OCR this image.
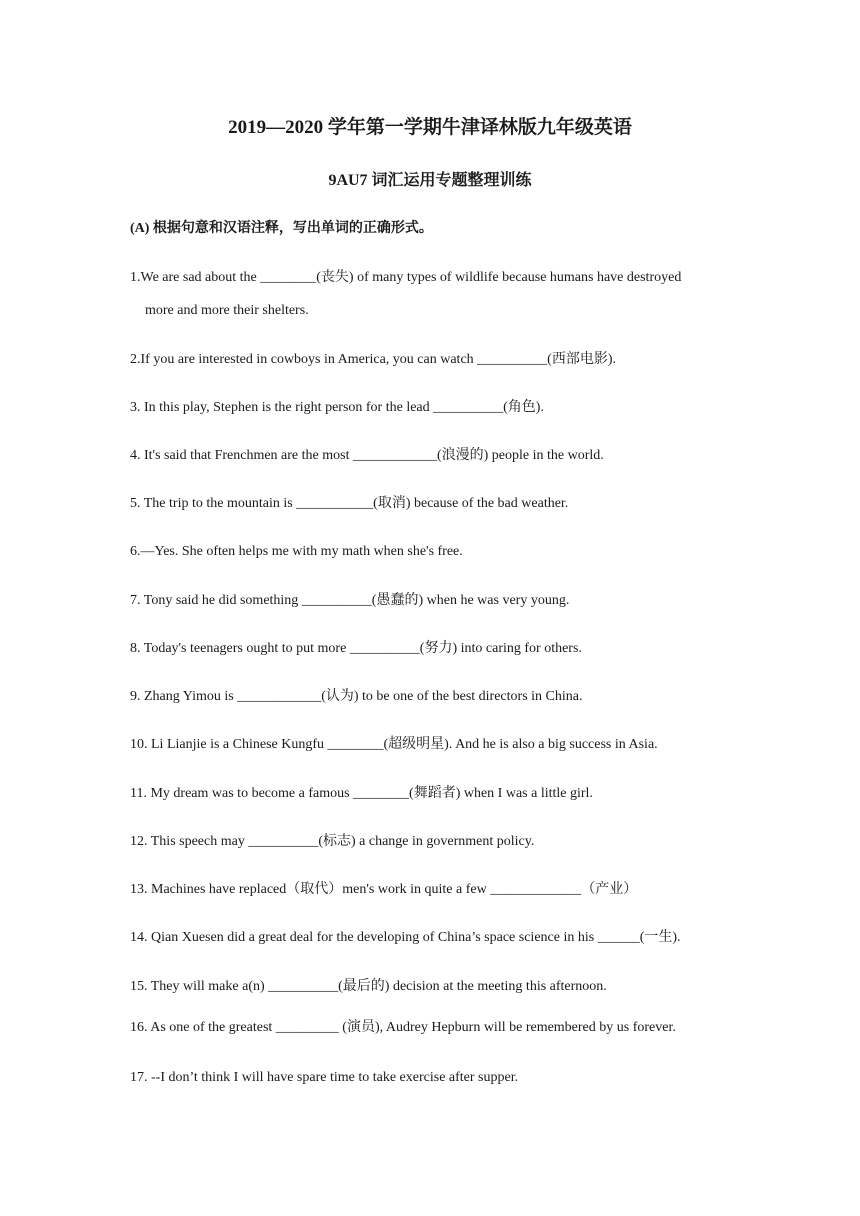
2019—2020 学年第一学期牛津译林版九年级英语
9AU7 词汇运用专题整理训练
(A) 根据句意和汉语注释，写出单词的正确形式。
1.We are sad about the ________(丧失) of many types of wildlife because humans have destroyed
more and more their shelters.
2.If you are interested in cowboys in America, you can watch __________(西部电影).
3. In this play, Stephen is the right person for the lead __________(角色).
4. It's said that Frenchmen are the most ____________(浪漫的) people in the world.
5. The trip to the mountain is ___________(取消) because of the bad weather.
6.—Yes. She often helps me with my math when she's free.
7. Tony said he did something __________(愚蠢的) when he was very young.
8. Today's teenagers ought to put more __________(努力) into caring for others.
9. Zhang Yimou is ____________(认为) to be one of the best directors in China.
10. Li Lianjie is a Chinese Kungfu ________(超级明星). And he is also a big success in Asia.
11. My dream was to become a famous ________(舞蹈者) when I was a little girl.
12. This speech may __________(标志) a change in government policy.
13. Machines have replaced（取代）men's work in quite a few _____________（产业）
14. Qian Xuesen did a great deal for the developing of China’s space science in his ______(一生).
15. They will make a(n) __________(最后的) decision at the meeting this afternoon.
16. As one of the greatest _________ (演员), Audrey Hepburn will be remembered by us forever.
17. --I don’t think I will have spare time to take exercise after supper.
